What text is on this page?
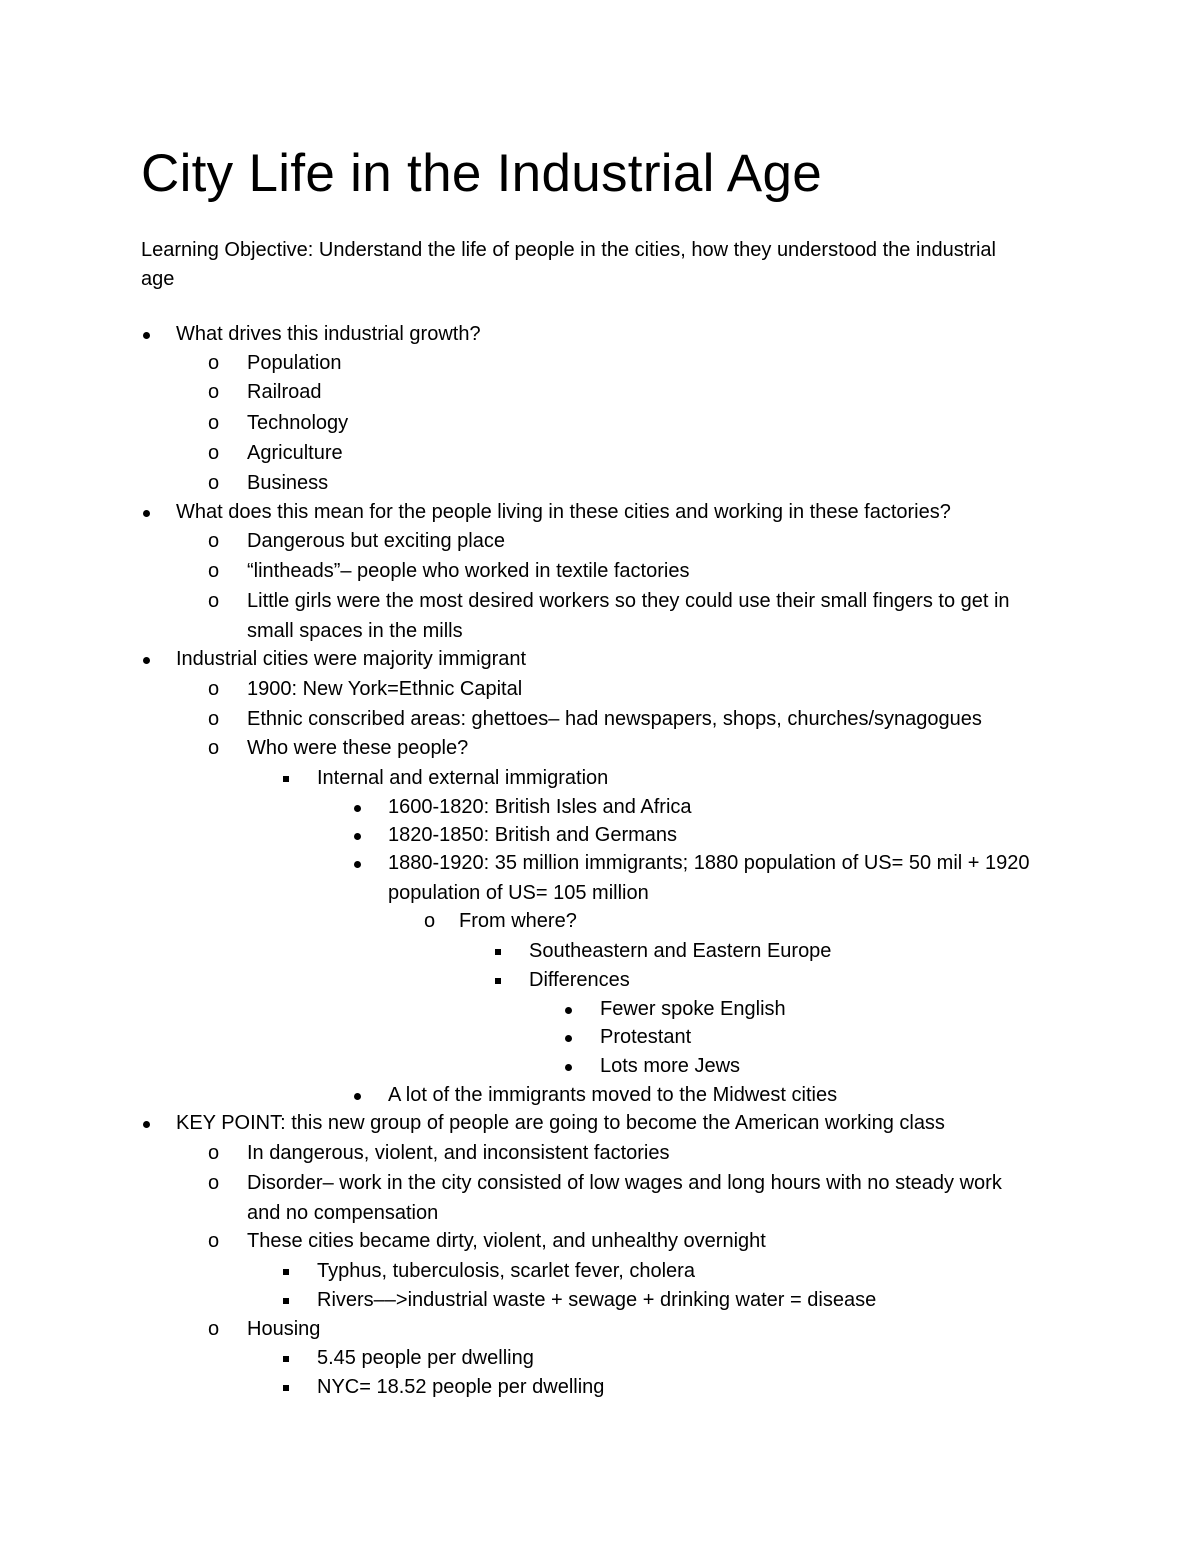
City Life in the Industrial Age

Learning Objective: Understand the life of people in the cities, how they understood the industrial age

What drives this industrial growth?
Population
o
Railroad
o
Technology
o
Agriculture
o
Business
o
What does this mean for the people living in these cities and working in these factories?
Dangerous but exciting place
o
“lintheads”– people who worked in textile factories
o
Little girls were the most desired workers so they could use their small fingers to get in small spaces in the mills
o
Industrial cities were majority immigrant
1900: New York=Ethnic Capital
o
Ethnic conscribed areas: ghettoes– had newspapers, shops, churches/synagogues
o
Who were these people?
o
Internal and external immigration
1600-1820: British Isles and Africa
1820-1850: British and Germans
1880-1920: 35 million immigrants; 1880 population of US= 50 mil + 1920 population of US= 105 million
From where?
o
Southeastern and Eastern Europe
Differences
Fewer spoke English
Protestant
Lots more Jews
A lot of the immigrants moved to the Midwest cities
KEY POINT: this new group of people are going to become the American working class
In dangerous, violent, and inconsistent factories
o
Disorder– work in the city consisted of low wages and long hours with no steady work and no compensation
o
These cities became dirty, violent, and unhealthy overnight
o
Typhus, tuberculosis, scarlet fever, cholera
Rivers––>industrial waste + sewage + drinking water = disease
Housing
o
5.45 people per dwelling
NYC= 18.52 people per dwelling
